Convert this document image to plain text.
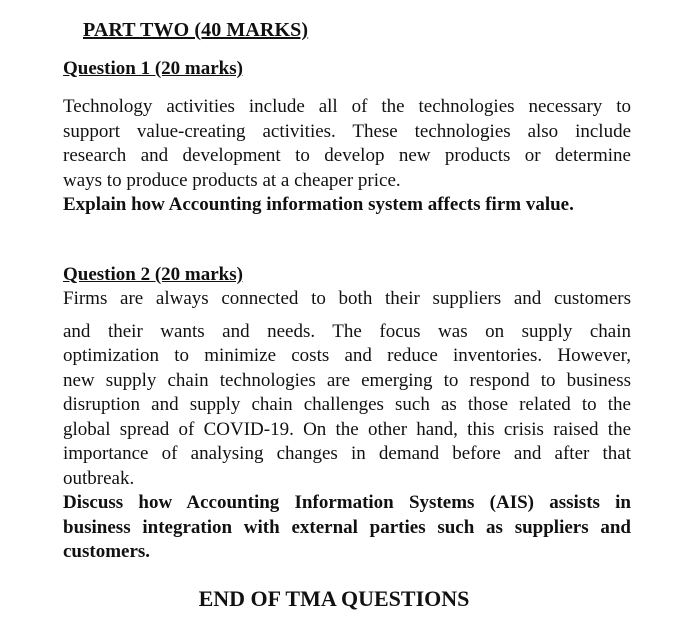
PART TWO (40 MARKS)
Question 1 (20 marks)
Technology activities include all of the technologies necessary to
support value-creating activities. These technologies also include
research and development to develop new products or determine
ways to produce products at a cheaper price.
Explain how Accounting information system affects firm value.
Question 2 (20 marks)
Firms are always connected to both their suppliers and customers
and their wants and needs. The focus was on supply chain
optimization to minimize costs and reduce inventories. However,
new supply chain technologies are emerging to respond to business
disruption and supply chain challenges such as those related to the
global spread of COVID-19. On the other hand, this crisis raised the
importance of analysing changes in demand before and after that
outbreak.
Discuss how Accounting Information Systems (AIS) assists in
business integration with external parties such as suppliers and
customers.
END OF TMA QUESTIONS
